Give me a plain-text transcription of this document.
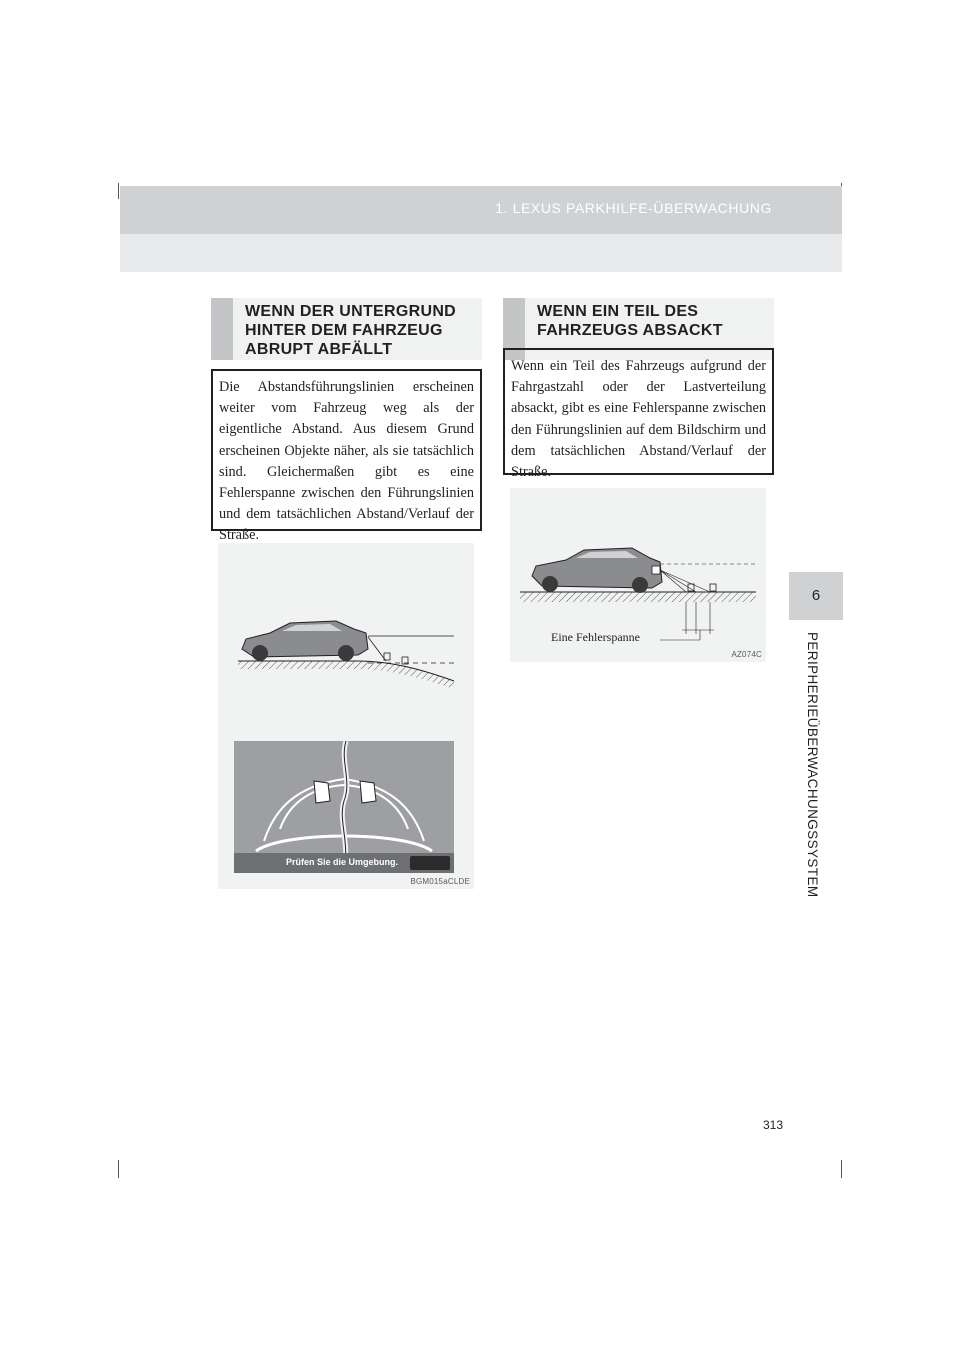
1. LEXUS PARKHILFE-ÜBERWACHUNG
6
PERIPHERIEÜBERWACHUNGSSYSTEM
WENN DER UNTERGRUND
HINTER DEM FAHRZEUG
ABRUPT ABFÄLLT
Die Abstandsführungslinien erscheinen weiter vom Fahrzeug weg als der eigentliche Abstand. Aus diesem Grund erscheinen Objekte näher, als sie tatsächlich sind. Gleichermaßen gibt es eine Fehlerspanne zwischen den Führungslinien und dem tatsächlichen Abstand/Verlauf der Straße.
Prüfen Sie die Umgebung.
BGM015aCLDE
WENN EIN TEIL DES
FAHRZEUGS ABSACKT
Wenn ein Teil des Fahrzeugs aufgrund der Fahrgastzahl oder der Lastverteilung absackt, gibt es eine Fehlerspanne zwischen den Führungslinien auf dem Bildschirm und dem tatsächlichen Abstand/Verlauf der Straße.
Eine Fehlerspanne
AZ074C
313
